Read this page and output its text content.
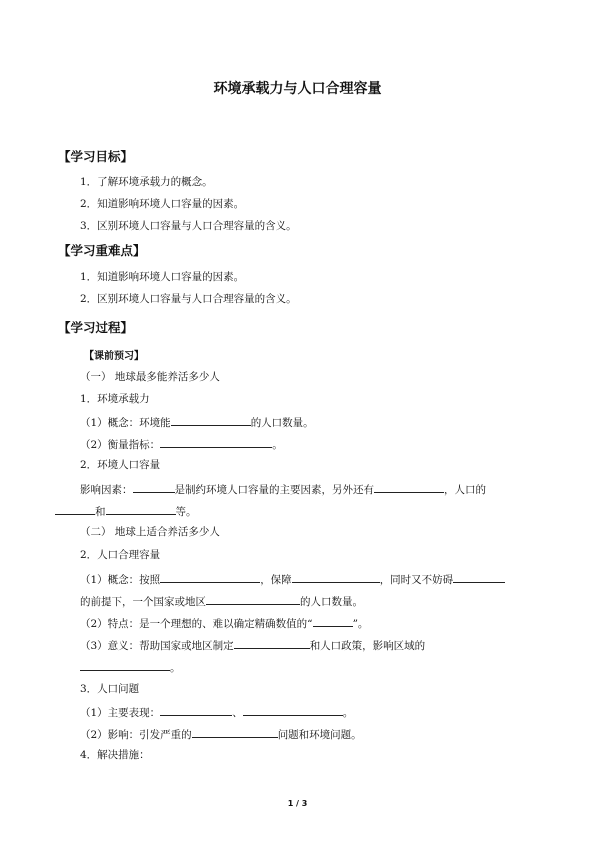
环境承载力与人口合理容量
【学习目标】
1．了解环境承载力的概念。
2．知道影响环境人口容量的因素。
3．区别环境人口容量与人口合理容量的含义。
【学习重难点】
1．知道影响环境人口容量的因素。
2．区别环境人口容量与人口合理容量的含义。
【学习过程】
【课前预习】
（一） 地球最多能养活多少人
1．环境承载力
（1）概念：环境能	的人口数量。
（2）衡量指标：	。
2．环境人口容量
影响因素：	是制约环境人口容量的主要因素，另外还有	，人口的
和	等。
（二） 地球上适合养活多少人
2．人口合理容量
（1）概念：按照	，保障	，同时又不妨碍
的前提下，一个国家或地区	的人口数量。
（2）特点：是一个理想的、难以确定精确数值的“	”。
（3）意义：帮助国家或地区制定	和人口政策，影响区域的
。
3．人口问题
（1）主要表现：	、	。
（2）影响：引发严重的	问题和环境问题。
4．解决措施：
1 / 3
